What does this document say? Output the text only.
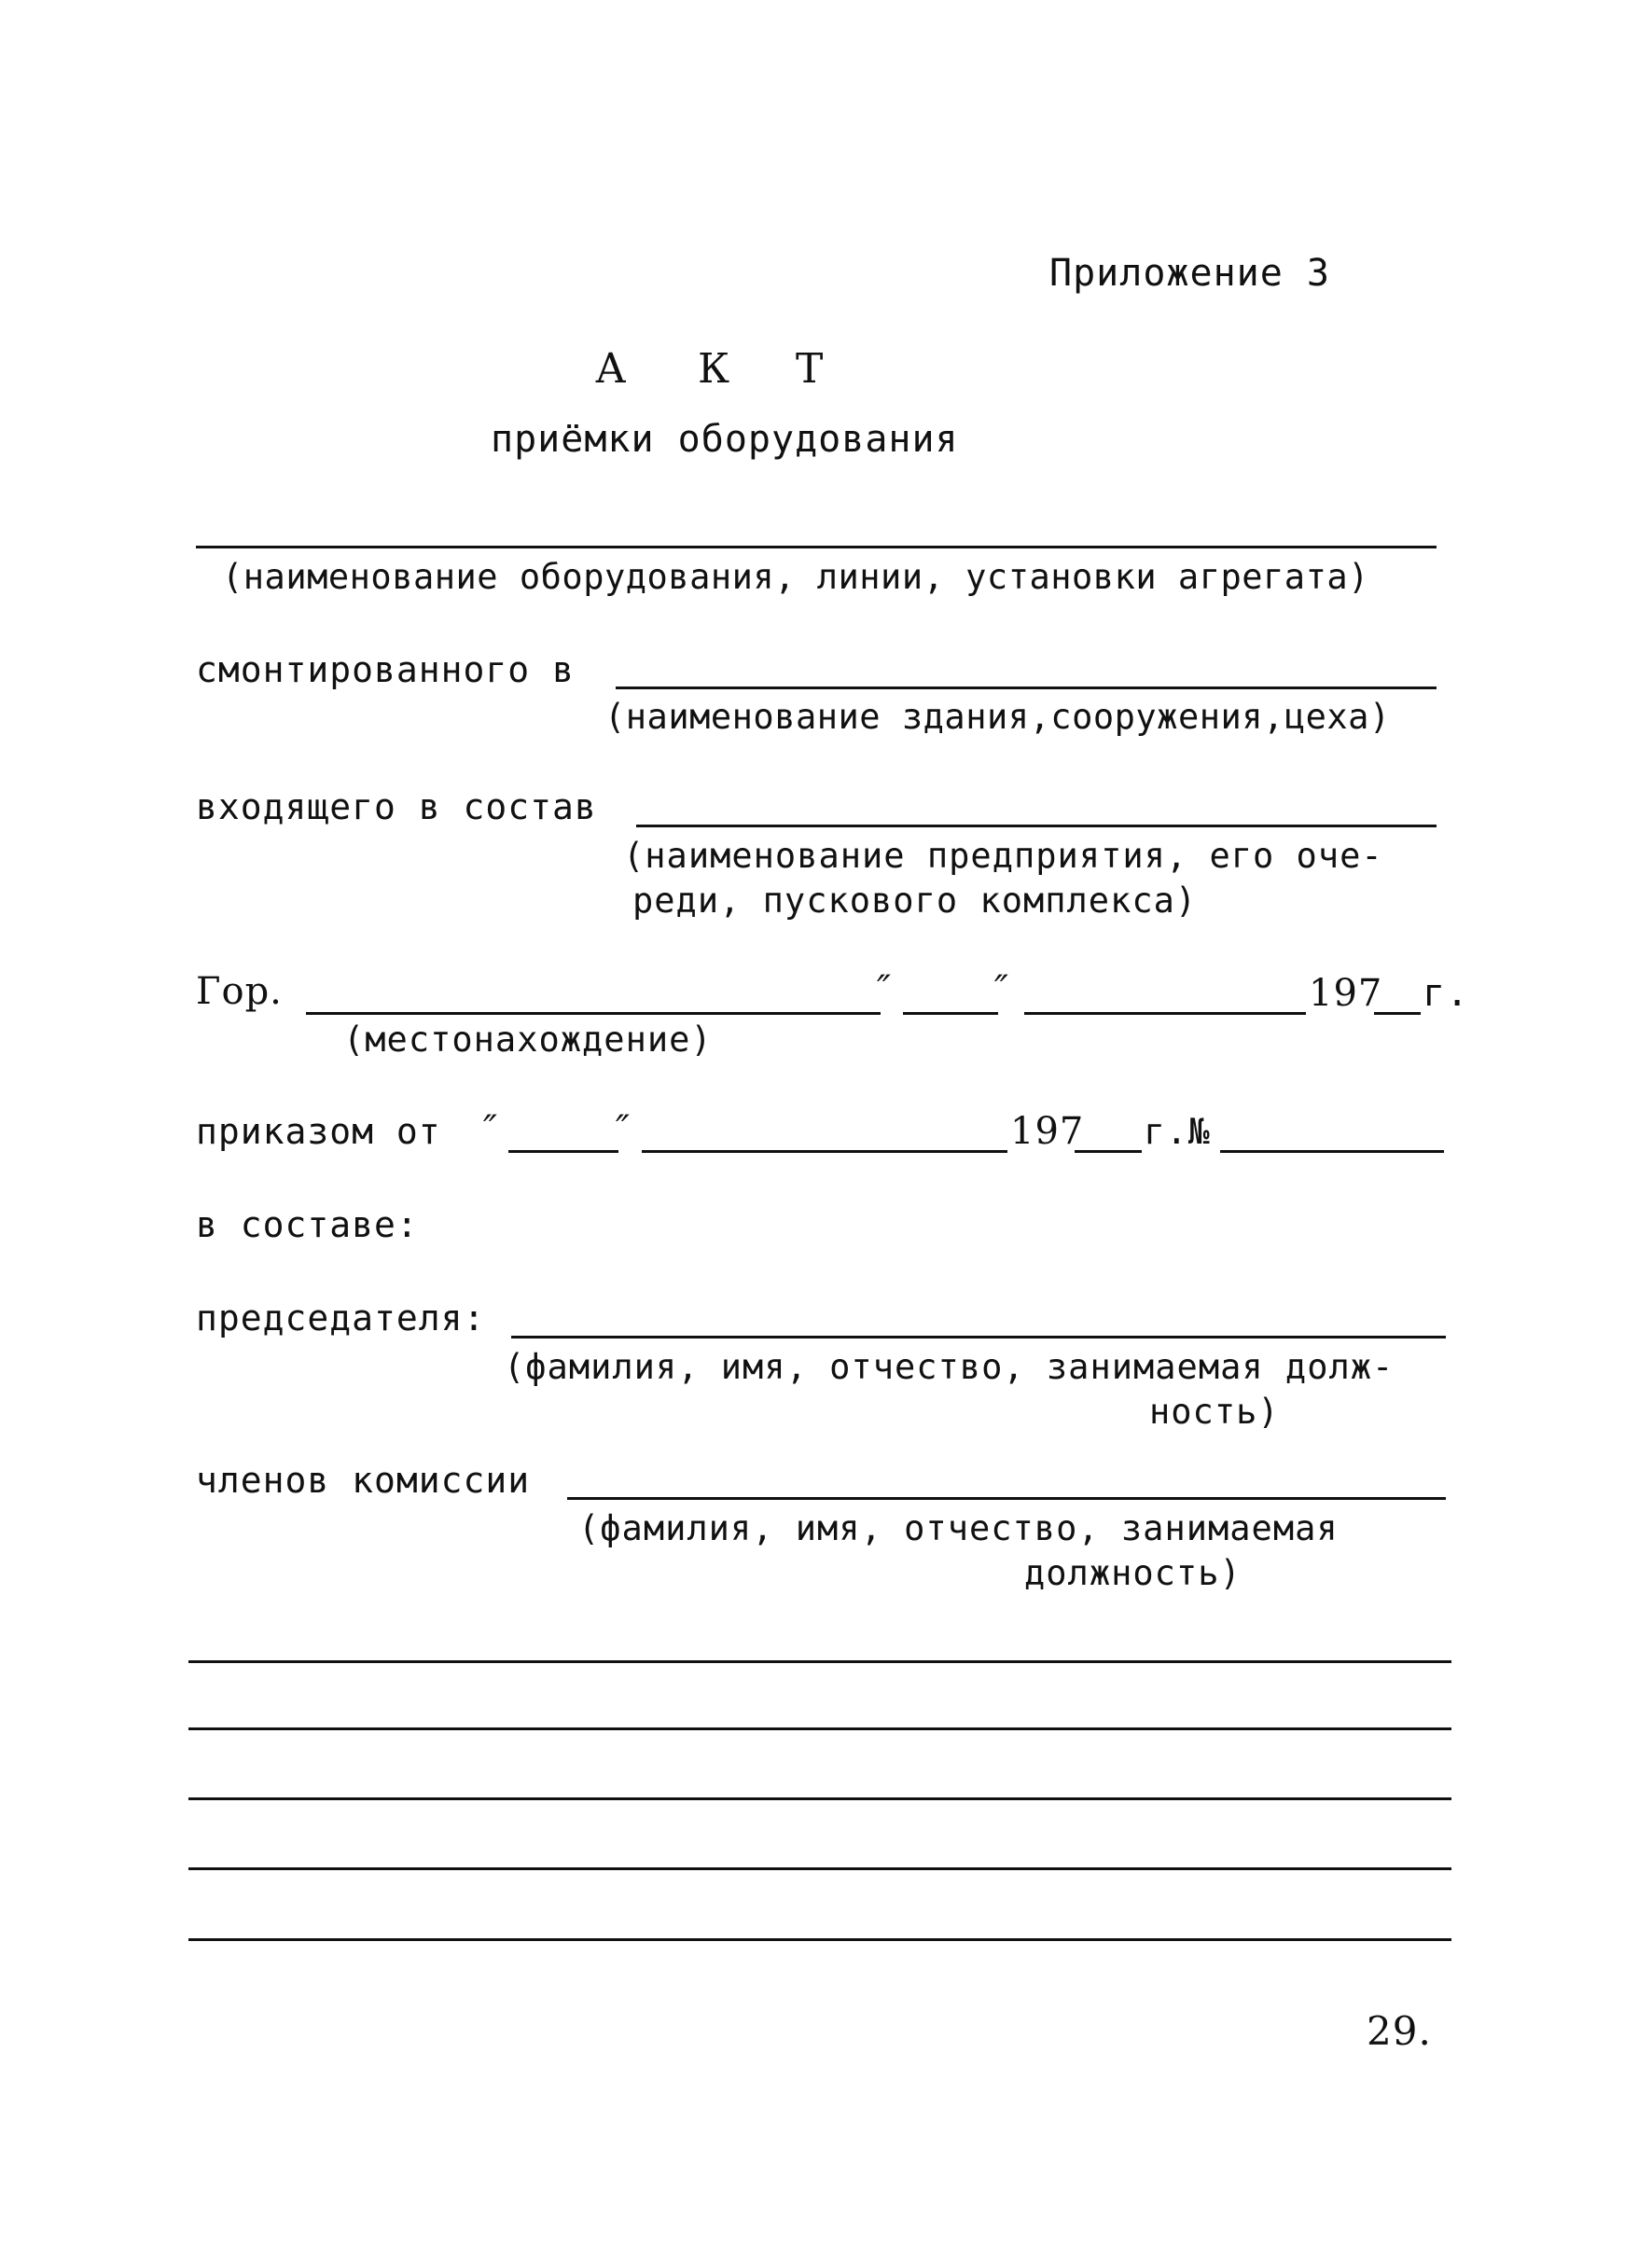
Приложение 3
А К Т
приёмки оборудования
(наименование оборудования, линии, установки агрегата)
смонтированного в
(наименование здания,сооружения,цеха)
входящего в состав
(наименование предприятия, его оче-
реди, пускового комплекса)
Гор.	″	″	197 г.
(местонахождение)
приказом от ″	″	197 г.№
в составе:
председателя:
(фамилия, имя, отчество, занимаемая долж-
ность)
членов комиссии
(фамилия, имя, отчество, занимаемая
должность)
29.
